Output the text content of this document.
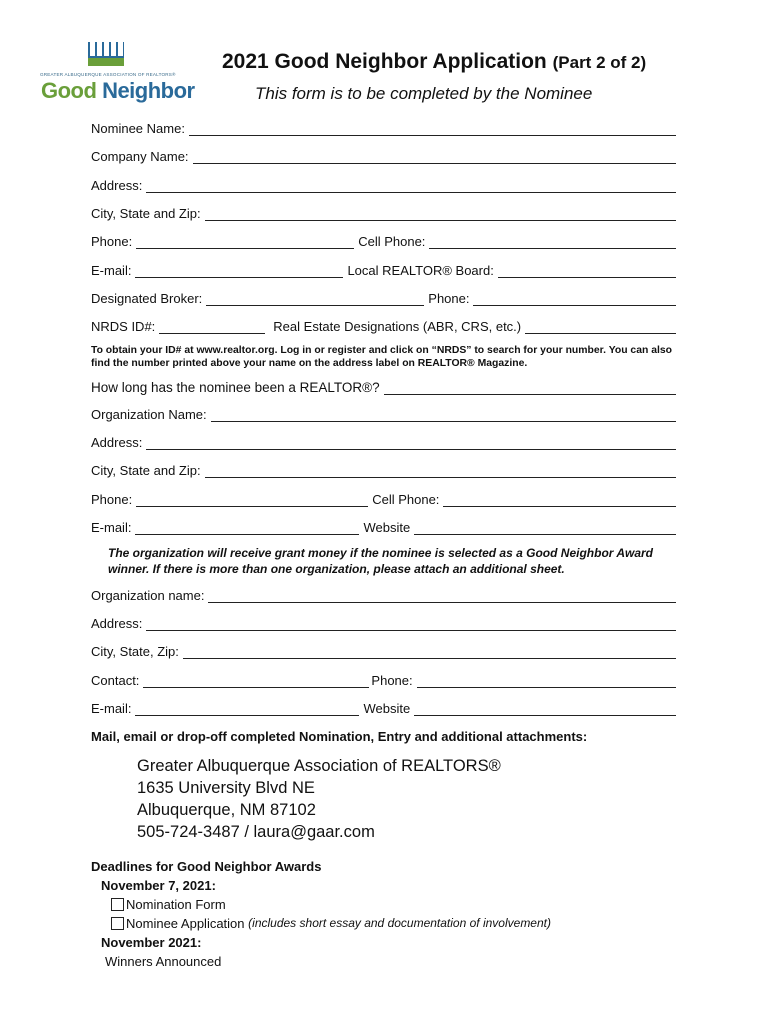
GREATER ALBUQUERQUE ASSOCIATION OF REALTORS®
Good Neighbor
2021 Good Neighbor Application (Part 2 of 2)
This form is to be completed by the Nominee
Nominee Name:
Company Name:
Address:
City, State and Zip:
Phone:	Cell Phone:
E-mail:	Local REALTOR® Board:
Designated Broker:	Phone:
NRDS ID#:	Real Estate Designations (ABR, CRS, etc.)
To obtain your ID# at www.realtor.org. Log in or register and click on “NRDS” to search for your number. You can also find the number printed above your name on the address label on REALTOR® Magazine.
How long has the nominee been a REALTOR®?
Organization Name:
Address:
City, State and Zip:
Phone:	Cell Phone:
E-mail:	Website
The organization will receive grant money if the nominee is selected as a Good Neighbor Award winner. If there is more than one organization, please attach an additional sheet.
Organization name:
Address:
City, State, Zip:
Contact:	Phone:
E-mail:	Website
Mail, email or drop-off completed Nomination, Entry and additional attachments:
Greater Albuquerque Association of REALTORS®
1635 University Blvd NE
Albuquerque, NM 87102
505-724-3487 / laura@gaar.com
Deadlines for Good Neighbor Awards
November 7, 2021:
Nomination Form
Nominee Application
(includes short essay and documentation of involvement)
November 2021:
Winners Announced
